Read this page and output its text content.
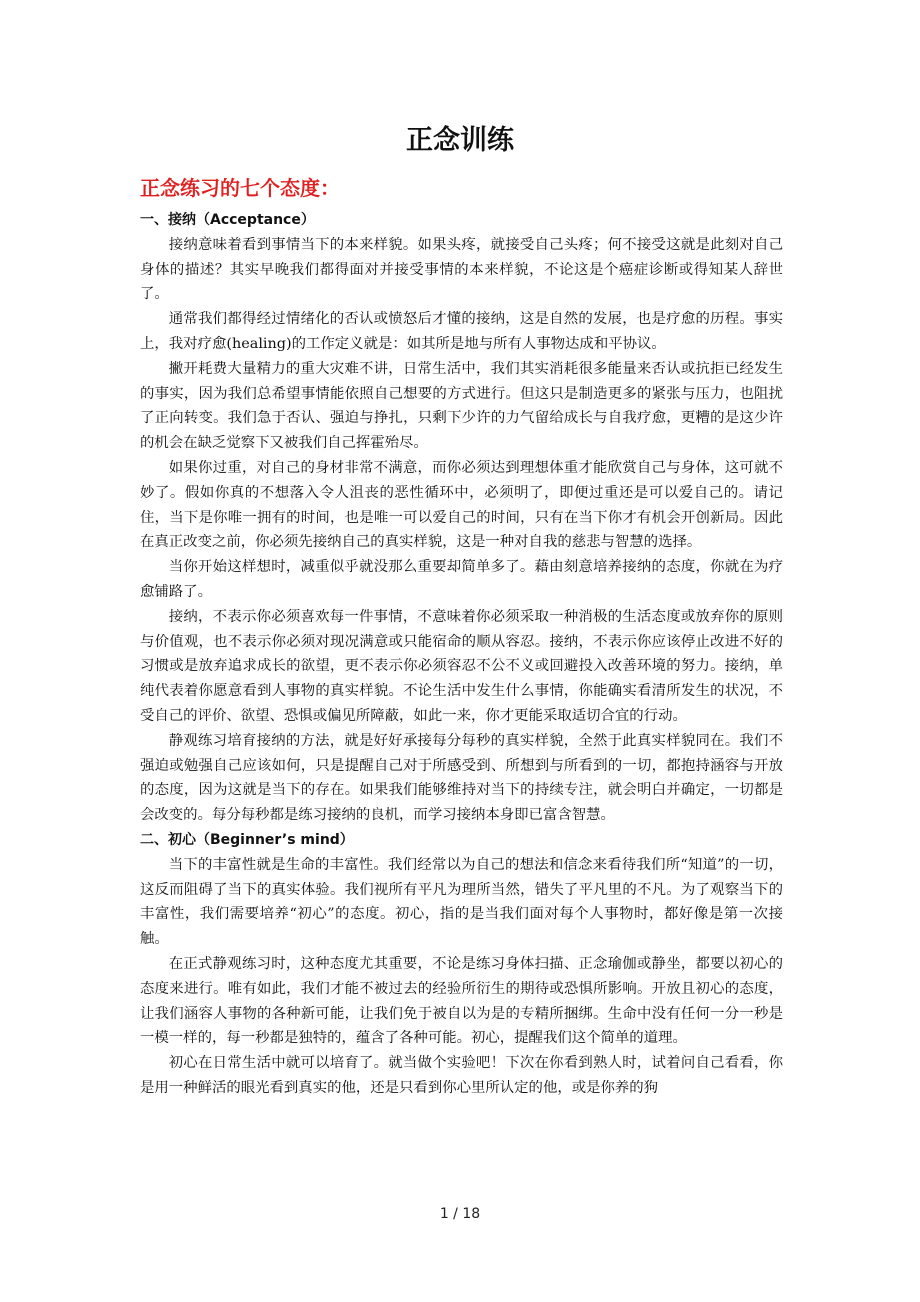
正念训练
正念练习的七个态度：

一、接纳（Acceptance）

接纳意味着看到事情当下的本来样貌。如果头疼，就接受自己头疼；何不接受这就是此刻对自己身体的描述？其实早晚我们都得面对并接受事情的本来样貌，不论这是个癌症诊断或得知某人辞世了。

通常我们都得经过情绪化的否认或愤怒后才懂的接纳，这是自然的发展，也是疗愈的历程。事实上，我对疗愈(healing)的工作定义就是：如其所是地与所有人事物达成和平协议。

撇开耗费大量精力的重大灾难不讲，日常生活中，我们其实消耗很多能量来否认或抗拒已经发生的事实，因为我们总希望事情能依照自己想要的方式进行。但这只是制造更多的紧张与压力，也阻扰了正向转变。我们急于否认、强迫与挣扎，只剩下少许的力气留给成长与自我疗愈，更糟的是这少许的机会在缺乏觉察下又被我们自己挥霍殆尽。

如果你过重，对自己的身材非常不满意，而你必须达到理想体重才能欣赏自己与身体，这可就不妙了。假如你真的不想落入令人沮丧的恶性循环中，必须明了，即便过重还是可以爱自己的。请记住，当下是你唯一拥有的时间，也是唯一可以爱自己的时间，只有在当下你才有机会开创新局。因此在真正改变之前，你必须先接纳自己的真实样貌，这是一种对自我的慈悲与智慧的选择。

当你开始这样想时，减重似乎就没那么重要却简单多了。藉由刻意培养接纳的态度，你就在为疗愈铺路了。

接纳，不表示你必须喜欢每一件事情，不意味着你必须采取一种消极的生活态度或放弃你的原则与价值观，也不表示你必须对现况满意或只能宿命的顺从容忍。接纳，不表示你应该停止改进不好的习惯或是放弃追求成长的欲望，更不表示你必须容忍不公不义或回避投入改善环境的努力。接纳，单纯代表着你愿意看到人事物的真实样貌。不论生活中发生什么事情，你能确实看清所发生的状况，不受自己的评价、欲望、恐惧或偏见所障蔽，如此一来，你才更能采取适切合宜的行动。

静观练习培育接纳的方法，就是好好承接每分每秒的真实样貌，全然于此真实样貌同在。我们不强迫或勉强自己应该如何，只是提醒自己对于所感受到、所想到与所看到的一切，都抱持涵容与开放的态度，因为这就是当下的存在。如果我们能够维持对当下的持续专注，就会明白并确定，一切都是会改变的。每分每秒都是练习接纳的良机，而学习接纳本身即已富含智慧。

二、初心（Beginner’s mind）

当下的丰富性就是生命的丰富性。我们经常以为自己的想法和信念来看待我们所“知道”的一切，这反而阻碍了当下的真实体验。我们视所有平凡为理所当然，错失了平凡里的不凡。为了观察当下的丰富性，我们需要培养“初心”的态度。初心，指的是当我们面对每个人事物时，都好像是第一次接触。

在正式静观练习时，这种态度尤其重要，不论是练习身体扫描、正念瑜伽或静坐，都要以初心的态度来进行。唯有如此，我们才能不被过去的经验所衍生的期待或恐惧所影响。开放且初心的态度，让我们涵容人事物的各种新可能，让我们免于被自以为是的专精所捆绑。生命中没有任何一分一秒是一模一样的，每一秒都是独特的，蕴含了各种可能。初心，提醒我们这个简单的道理。

初心在日常生活中就可以培育了。就当做个实验吧！下次在你看到熟人时，试着问自己看看，你是用一种鲜活的眼光看到真实的他，还是只看到你心里所认定的他，或是你养的狗

1 / 18
